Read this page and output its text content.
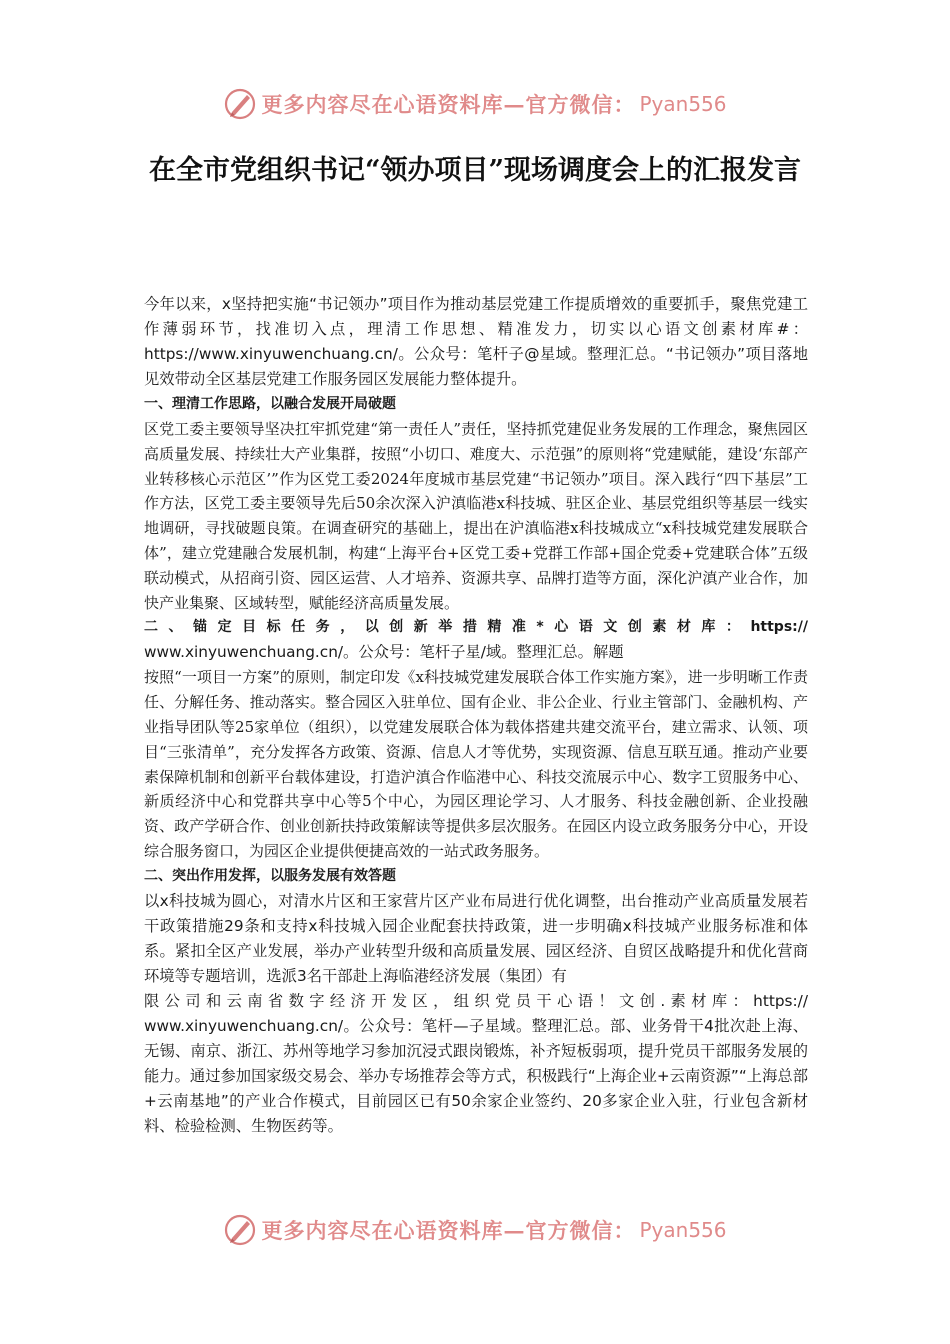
更多内容尽在心语资料库—官方微信： Pyan556
在全市党组织书记“领办项目”现场调度会上的汇报发言

今年以来，x坚持把实施“书记领办”项目作为推动基层党建工作提质增效的重要抓手，聚焦党建工作薄弱环节，找准切入点，理清工作思想、精准发力，切实以心语文创素材库#：https://www.xinyuwenchuang.cn/。公众号：笔杆子@星域。整理汇总。“书记领办”项目落地见效带动全区基层党建工作服务园区发展能力整体提升。

一、理清工作思路，以融合发展开局破题

区党工委主要领导坚决扛牢抓党建“第一责任人”责任，坚持抓党建促业务发展的工作理念，聚焦园区高质量发展、持续壮大产业集群，按照“小切口、难度大、示范强”的原则将“党建赋能，建设‘东部产业转移核心示范区’”作为区党工委2024年度城市基层党建“书记领办”项目。深入践行“四下基层”工作方法，区党工委主要领导先后50余次深入沪滇临港x科技城、驻区企业、基层党组织等基层一线实地调研，寻找破题良策。在调查研究的基础上，提出在沪滇临港x科技城成立“x科技城党建发展联合体”，建立党建融合发展机制，构建“上海平台+区党工委+党群工作部+国企党委+党建联合体”五级联动模式，从招商引资、园区运营、人才培养、资源共享、品牌打造等方面，深化沪滇产业合作，加快产业集聚、区域转型，赋能经济高质量发展。

二、锚定目标任务，以创新举措精准*心语文创素材库：https://

www.xinyuwenchuang.cn/。公众号：笔杆子星/域。整理汇总。解题

按照“一项目一方案”的原则，制定印发《x科技城党建发展联合体工作实施方案》，进一步明晰工作责任、分解任务、推动落实。整合园区入驻单位、国有企业、非公企业、行业主管部门、金融机构、产业指导团队等25家单位（组织），以党建发展联合体为载体搭建共建交流平台，建立需求、认领、项目“三张清单”，充分发挥各方政策、资源、信息人才等优势，实现资源、信息互联互通。推动产业要素保障机制和创新平台载体建设，打造沪滇合作临港中心、科技交流展示中心、数字工贸服务中心、新质经济中心和党群共享中心等5个中心，为园区理论学习、人才服务、科技金融创新、企业投融资、政产学研合作、创业创新扶持政策解读等提供多层次服务。在园区内设立政务服务分中心，开设综合服务窗口，为园区企业提供便捷高效的一站式政务服务。

二、突出作用发挥，以服务发展有效答题

以x科技城为圆心，对清水片区和王家营片区产业布局进行优化调整，出台推动产业高质量发展若干政策措施29条和支持x科技城入园企业配套扶持政策，进一步明确x科技城产业服务标准和体系。紧扣全区产业发展，举办产业转型升级和高质量发展、园区经济、自贸区战略提升和优化营商环境等专题培训，选派3名干部赴上海临港经济发展（集团）有

限公司和云南省数字经济开发区，组织党员干心语！文创.素材库：https://

www.xinyuwenchuang.cn/。公众号：笔杆—子星域。整理汇总。部、业务骨干4批次赴上海、无锡、南京、浙江、苏州等地学习参加沉浸式跟岗锻炼，补齐短板弱项，提升党员干部服务发展的能力。通过参加国家级交易会、举办专场推荐会等方式，积极践行“上海企业+云南资源”“上海总部+云南基地”的产业合作模式，目前园区已有50余家企业签约、20多家企业入驻，行业包含新材料、检验检测、生物医药等。

更多内容尽在心语资料库—官方微信： Pyan556
